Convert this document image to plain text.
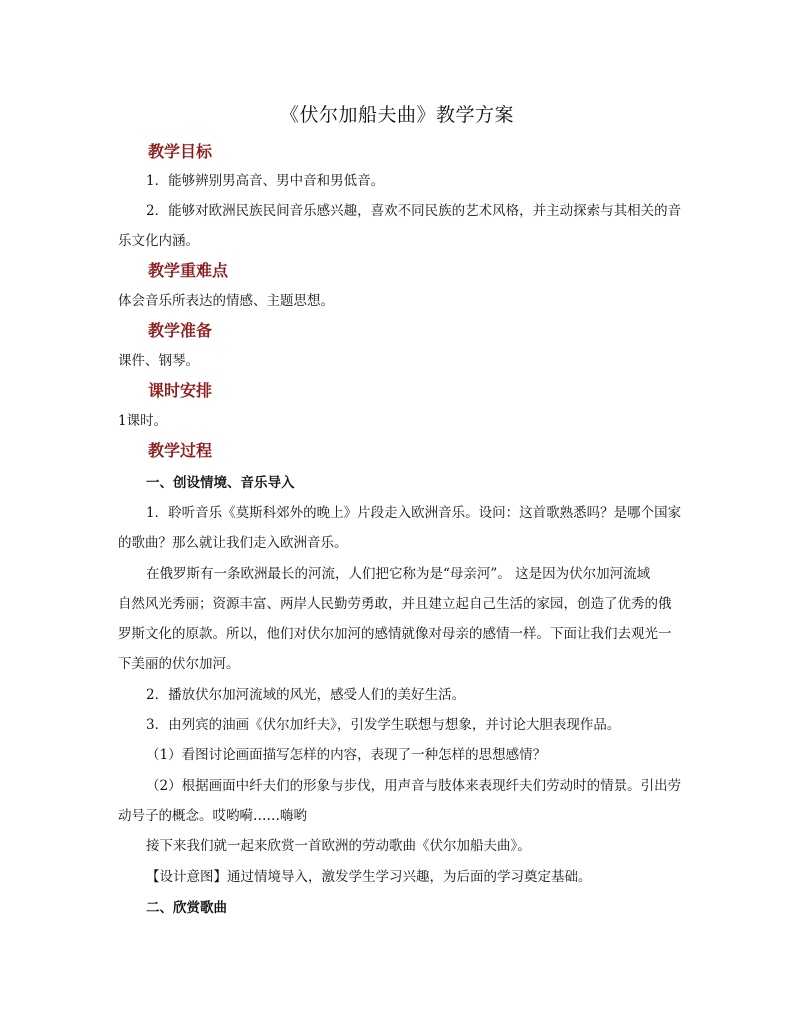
《伏尔加船夫曲》教学方案
教学目标
1．能够辨别男高音、男中音和男低音。
2．能够对欧洲民族民间音乐感兴趣，喜欢不同民族的艺术风格，并主动探索与其相关的音
乐文化内涵。
教学重难点
体会音乐所表达的情感、主题思想。
教学准备
课件、钢琴。
课时安排
1课时。
教学过程
一、创设情境、音乐导入
1．聆听音乐《莫斯科郊外的晚上》片段走入欧洲音乐。设问：这首歌熟悉吗？是哪个国家
的歌曲？那么就让我们走入欧洲音乐。
在俄罗斯有一条欧洲最长的河流，人们把它称为是“母亲河”。 这是因为伏尔加河流域
自然风光秀丽；资源丰富、两岸人民勤劳勇敢，并且建立起自己生活的家园，创造了优秀的俄
罗斯文化的原款。所以，他们对伏尔加河的感情就像对母亲的感情一样。下面让我们去观光一
下美丽的伏尔加河。
2．播放伏尔加河流域的风光，感受人们的美好生活。
3．由列宾的油画《伏尔加纤夫》，引发学生联想与想象，并讨论大胆表现作品。
（1）看图讨论画面描写怎样的内容，表现了一种怎样的思想感情？
（2）根据画面中纤夫们的形象与步伐，用声音与肢体来表现纤夫们劳动时的情景。引出劳
动号子的概念。哎哟嗬……嗨哟
接下来我们就一起来欣赏一首欧洲的劳动歌曲《伏尔加船夫曲》。
【设计意图】通过情境导入，激发学生学习兴趣，为后面的学习奠定基础。
二、欣赏歌曲
